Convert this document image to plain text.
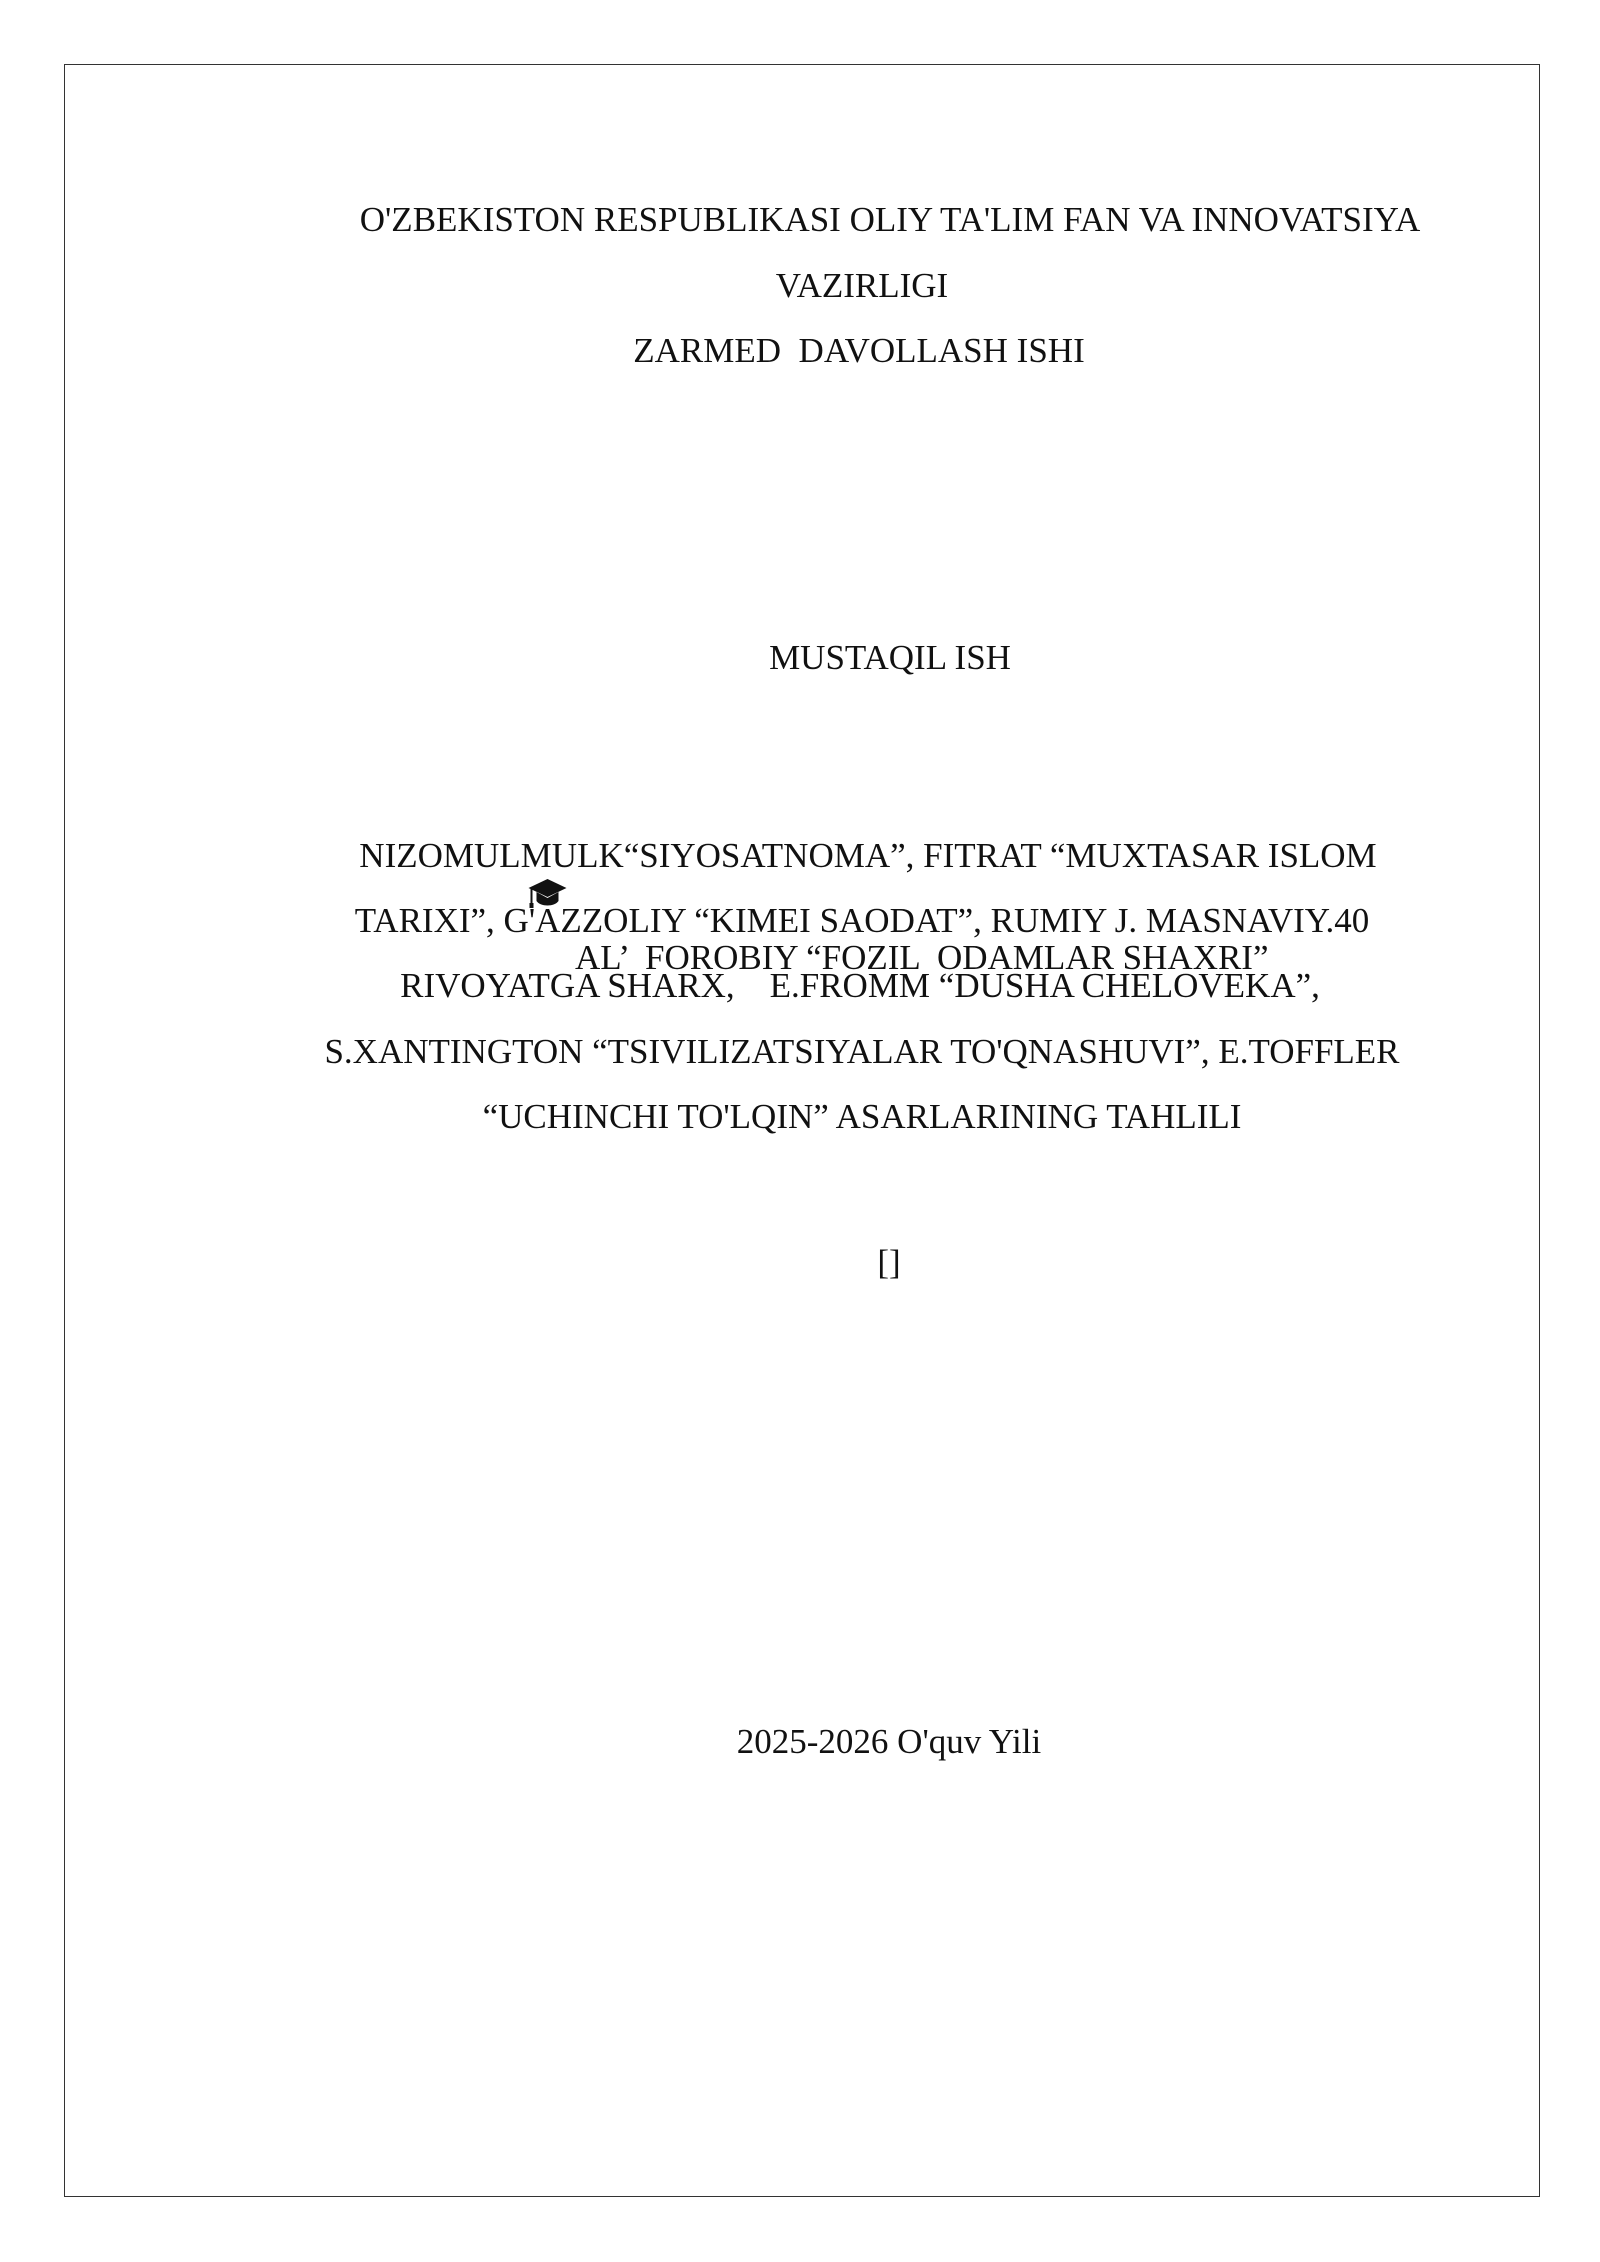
O'ZBEKISTON RESPUBLIKASI OLIY TA'LIM FAN VA INNOVATSIYA
VAZIRLIGI
ZARMED  DAVOLLASH ISHI
MUSTAQIL ISH

AL’  FOROBIY “FOZIL  ODAMLAR SHAXRI”

NIZOMULMULK“SIYOSATNOMA”, FITRAT “MUXTASAR ISLOM
TARIXI”, G'AZZOLIY “KIMEI SAODAT”, RUMIY J. MASNAVIY.40
RIVOYATGA SHARX,    E.FROMM “DUSHA CHELOVEKA”,
S.XANTINGTON “TSIVILIZATSIYALAR TO'QNASHUVI”, E.TOFFLER
“UCHINCHI TO'LQIN” ASARLARINING TAHLILI
[]
2025-2026 O'quv Yili
